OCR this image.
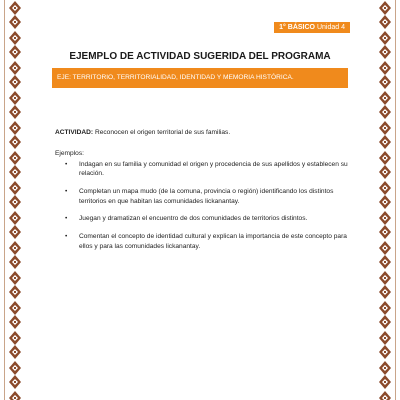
1° BÁSICO Unidad 4
EJEMPLO DE ACTIVIDAD SUGERIDA DEL PROGRAMA
EJE: TERRITORIO, TERRITORIALIDAD, IDENTIDAD Y MEMORIA HISTÓRICA.

ACTIVIDAD: Reconocen el origen territorial de sus familias.

Ejemplos:

• Indagan en su familia y comunidad el origen y procedencia de sus apellidos y establecen su relación.
• Completan un mapa mudo (de la comuna, provincia o región) identificando los distintos territorios en que habitan las comunidades lickanantay.
• Juegan y dramatizan el encuentro de dos comunidades de territorios distintos.
• Comentan el concepto de identidad cultural y explican la importancia de este concepto para ellos y para las comunidades lickanantay.
